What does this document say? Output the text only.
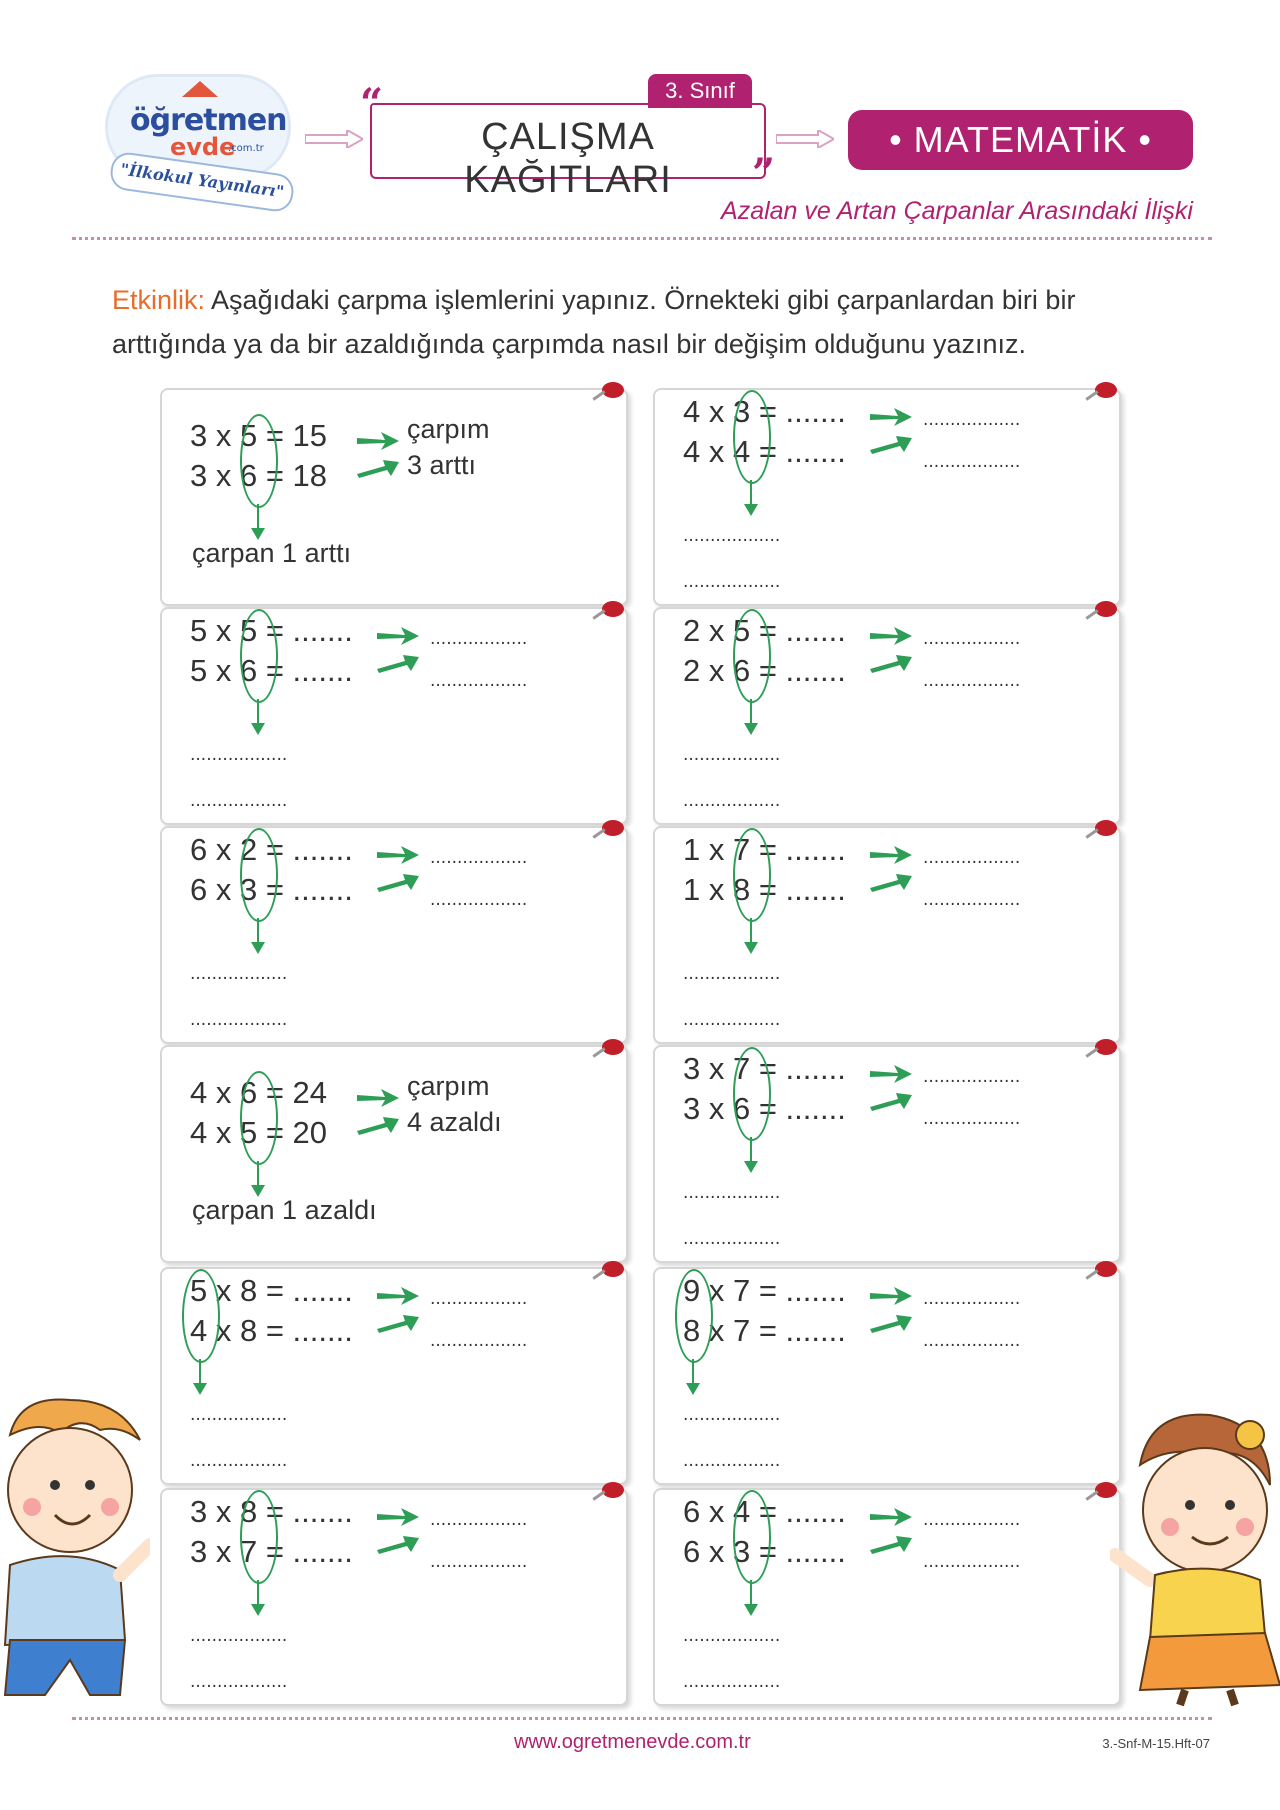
öğretmen
evde
.com.tr
"İlkokul Yayınları"
“	3. Sınıf
ÇALIŞMA KAĞITLARI	”
• MATEMATİK •
Azalan ve Artan Çarpanlar Arasındaki İlişki
Etkinlik: Aşağıdaki çarpma işlemlerini yapınız. Örnekteki gibi çarpanlardan biri bir arttığında ya da bir azaldığında çarpımda nasıl bir değişim olduğunu yazınız.
3 x 5 = 15
3 x 6 = 18
çarpım
3 arttı
çarpan 1 arttı
4 x 3 = .......
4 x 4 = .......
..................
..................
..................
..................
5 x 5 = .......
5 x 6 = .......
..................
..................
..................
..................
2 x 5 = .......
2 x 6 = .......
..................
..................
..................
..................
6 x 2 = .......
6 x 3 = .......
..................
..................
..................
..................
1 x 7 = .......
1 x 8 = .......
..................
..................
..................
..................
4 x 6 = 24
4 x 5 = 20
çarpım
4 azaldı
çarpan 1 azaldı
3 x 7 = .......
3 x 6 = .......
..................
..................
..................
..................
5 x 8 = .......
4 x 8 = .......
..................
..................
..................
..................
9 x 7 = .......
8 x 7 = .......
..................
..................
..................
..................
3 x 8 = .......
3 x 7 = .......
..................
..................
..................
..................
6 x 4 = .......
6 x 3 = .......
..................
..................
..................
..................
www.ogretmenevde.com.tr	3.-Snf-M-15.Hft-07
